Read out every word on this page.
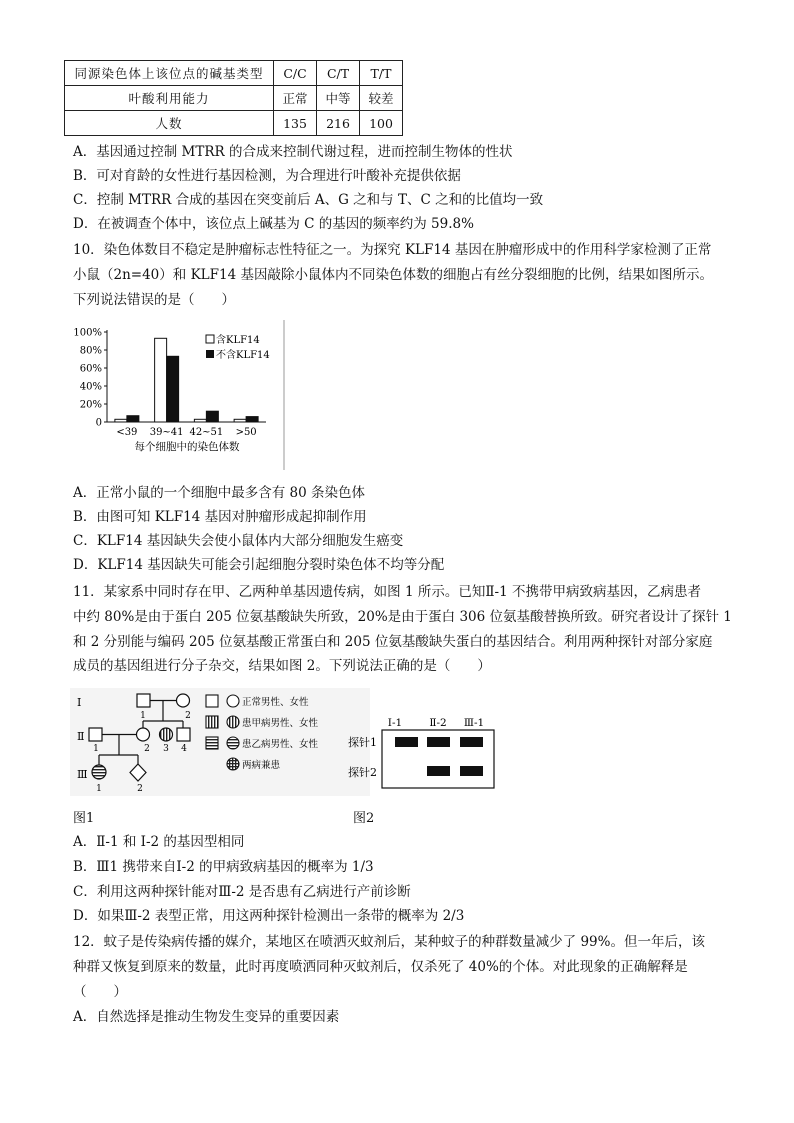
同源染色体上该位点的碱基类型	C/C	C/T	T/T
叶酸利用能力	正常	中等	较差
人数	135	216	100
A．基因通过控制 MTRR 的合成来控制代谢过程，进而控制生物体的性状
B．可对育龄的女性进行基因检测，为合理进行叶酸补充提供依据
C．控制 MTRR 合成的基因在突变前后 A、G 之和与 T、C 之和的比值均一致
D．在被调查个体中，该位点上碱基为 C 的基因的频率约为 59.8%
10．染色体数目不稳定是肿瘤标志性特征之一。为探究 KLF14 基因在肿瘤形成中的作用科学家检测了正常
小鼠（2n=40）和 KLF14 基因敲除小鼠体内不同染色体数的细胞占有丝分裂细胞的比例，结果如图所示。
下列说法错误的是（　　）
0
20%
40%
60%
80%
100%
<39 39~41 42~51 >50
含KLF14
不含KLF14
每个细胞中的染色体数
A．正常小鼠的一个细胞中最多含有 80 条染色体
B．由图可知 KLF14 基因对肿瘤形成起抑制作用
C．KLF14 基因缺失会使小鼠体内大部分细胞发生癌变
D．KLF14 基因缺失可能会引起细胞分裂时染色体不均等分配
11．某家系中同时存在甲、乙两种单基因遗传病，如图 1 所示。已知Ⅱ-1 不携带甲病致病基因，乙病患者
中约 80%是由于蛋白 205 位氨基酸缺失所致，20%是由于蛋白 306 位氨基酸替换所致。研究者设计了探针 1
和 2 分别能与编码 205 位氨基酸正常蛋白和 205 位氨基酸缺失蛋白的基因结合。利用两种探针对部分家庭
成员的基因组进行分子杂交，结果如图 2。下列说法正确的是（　　）
Ⅰ
Ⅱ
Ⅲ
1	2
1	2 3 4
1	2
正常男性、女性
患甲病男性、女性
患乙病男性、女性
两病兼患
Ⅰ-1	Ⅱ-2 Ⅲ-1
探针1
探针2
图1	图2
A．Ⅱ-1 和 I-2 的基因型相同
B．Ⅲ1 携带来自Ⅰ-2 的甲病致病基因的概率为 1/3
C．利用这两种探针能对Ⅲ-2 是否患有乙病进行产前诊断
D．如果Ⅲ-2 表型正常，用这两种探针检测出一条带的概率为 2/3
12．蚊子是传染病传播的媒介，某地区在喷洒灭蚊剂后，某种蚊子的种群数量减少了 99%。但一年后，该
种群又恢复到原来的数量，此时再度喷洒同种灭蚊剂后，仅杀死了 40%的个体。对此现象的正确解释是
（　　）
A．自然选择是推动生物发生变异的重要因素
